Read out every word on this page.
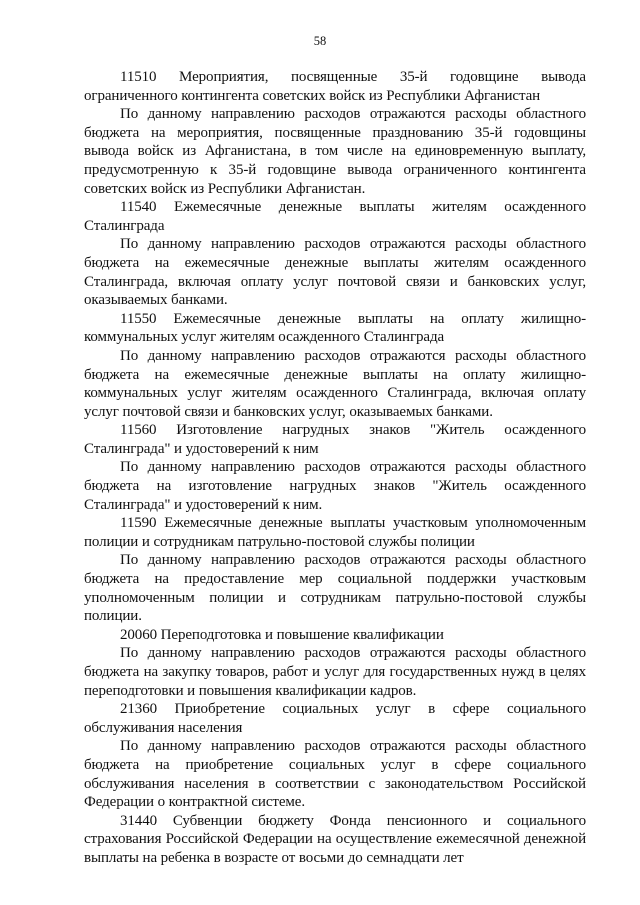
58

11510 Мероприятия, посвященные 35-й годовщине вывода ограниченного контингента советских войск из Республики Афганистан

По данному направлению расходов отражаются расходы областного бюджета на мероприятия, посвященные празднованию 35-й годовщины вывода войск из Афганистана, в том числе на единовременную выплату, предусмотренную к 35-й годовщине вывода ограниченного контингента советских войск из Республики Афганистан.

11540 Ежемесячные денежные выплаты жителям осажденного Сталинграда

По данному направлению расходов отражаются расходы областного бюджета на ежемесячные денежные выплаты жителям осажденного Сталинграда, включая оплату услуг почтовой связи и банковских услуг, оказываемых банками.

11550 Ежемесячные денежные выплаты на оплату жилищно-коммунальных услуг жителям осажденного Сталинграда

По данному направлению расходов отражаются расходы областного бюджета на ежемесячные денежные выплаты на оплату жилищно-коммунальных услуг жителям осажденного Сталинграда, включая оплату услуг почтовой связи и банковских услуг, оказываемых банками.

11560 Изготовление нагрудных знаков "Житель осажденного Сталинграда" и удостоверений к ним

По данному направлению расходов отражаются расходы областного бюджета на изготовление нагрудных знаков "Житель осажденного Сталинграда" и удостоверений к ним.

11590 Ежемесячные денежные выплаты участковым уполномоченным полиции и сотрудникам патрульно-постовой службы полиции

По данному направлению расходов отражаются расходы областного бюджета на предоставление мер социальной поддержки участковым уполномоченным полиции и сотрудникам патрульно-постовой службы полиции.

20060 Переподготовка и повышение квалификации

По данному направлению расходов отражаются расходы областного бюджета на закупку товаров, работ и услуг для государственных нужд в целях переподготовки и повышения квалификации кадров.

21360 Приобретение социальных услуг в сфере социального обслуживания населения

По данному направлению расходов отражаются расходы областного бюджета на приобретение социальных услуг в сфере социального обслуживания населения в соответствии с законодательством Российской Федерации о контрактной системе.

31440 Субвенции бюджету Фонда пенсионного и социального страхования Российской Федерации на осуществление ежемесячной денежной выплаты на ребенка в возрасте от восьми до семнадцати лет
